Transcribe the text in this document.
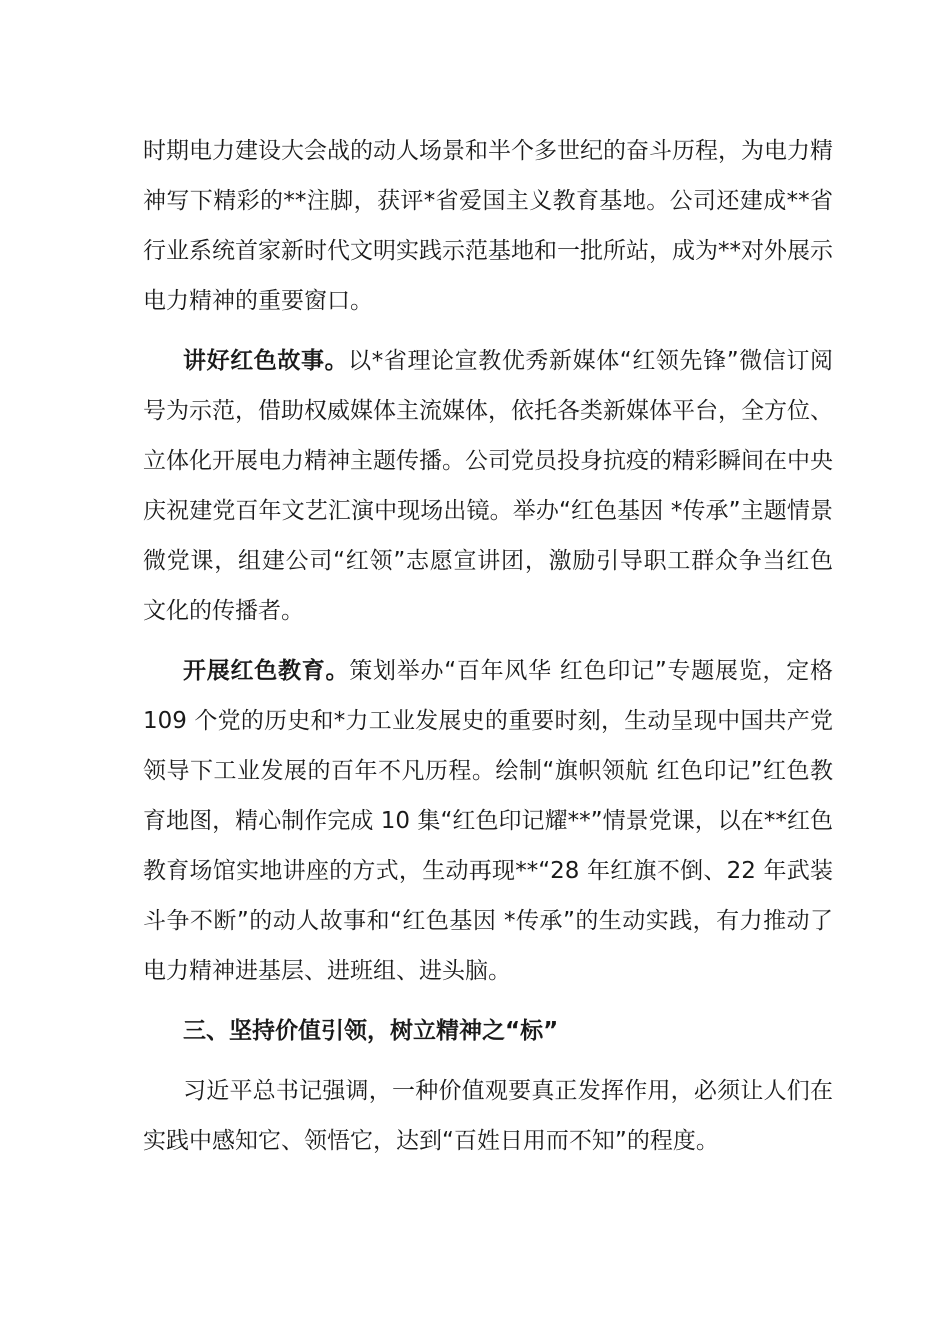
时期电力建设大会战的动人场景和半个多世纪的奋斗历程，为电力精神写下精彩的**注脚，获评*省爱国主义教育基地。公司还建成**省行业系统首家新时代文明实践示范基地和一批所站，成为**对外展示电力精神的重要窗口。

讲好红色故事。以*省理论宣教优秀新媒体“红领先锋”微信订阅号为示范，借助权威媒体主流媒体，依托各类新媒体平台，全方位、立体化开展电力精神主题传播。公司党员投身抗疫的精彩瞬间在中央庆祝建党百年文艺汇演中现场出镜。举办“红色基因 *传承”主题情景微党课，组建公司“红领”志愿宣讲团，激励引导职工群众争当红色文化的传播者。

开展红色教育。策划举办“百年风华 红色印记”专题展览，定格 109 个党的历史和*力工业发展史的重要时刻，生动呈现中国共产党领导下工业发展的百年不凡历程。绘制“旗帜领航 红色印记”红色教育地图，精心制作完成 10 集“红色印记耀**”情景党课，以在**红色教育场馆实地讲座的方式，生动再现**“28 年红旗不倒、22 年武装斗争不断”的动人故事和“红色基因 *传承”的生动实践，有力推动了电力精神进基层、进班组、进头脑。

三、坚持价值引领，树立精神之“标”

习近平总书记强调，一种价值观要真正发挥作用，必须让人们在实践中感知它、领悟它，达到“百姓日用而不知”的程度。
